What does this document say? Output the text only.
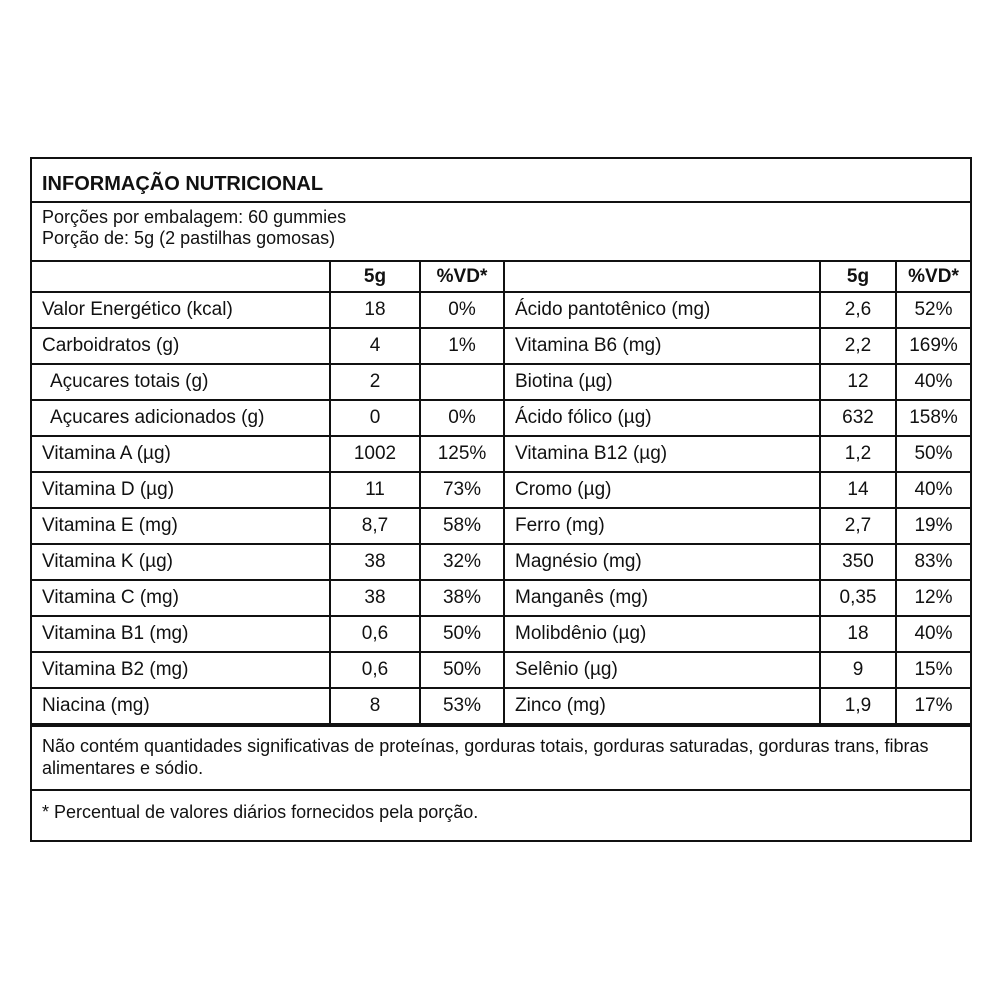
INFORMAÇÃO NUTRICIONAL
Porções por embalagem: 60 gummies
Porção de: 5g (2 pastilhas gomosas)
	5g	%VD*		5g	%VD*
Valor Energético (kcal)	18	0%	Ácido pantotênico (mg)	2,6	52%
Carboidratos (g)	4	1%	Vitamina B6 (mg)	2,2	169%
Açucares totais (g)	2		Biotina (µg)	12	40%
Açucares adicionados (g)	0	0%	Ácido fólico (µg)	632	158%
Vitamina A (µg)	1002	125%	Vitamina B12 (µg)	1,2	50%
Vitamina D (µg)	11	73%	Cromo (µg)	14	40%
Vitamina E (mg)	8,7	58%	Ferro (mg)	2,7	19%
Vitamina K (µg)	38	32%	Magnésio (mg)	350	83%
Vitamina C (mg)	38	38%	Manganês (mg)	0,35	12%
Vitamina B1 (mg)	0,6	50%	Molibdênio (µg)	18	40%
Vitamina B2 (mg)	0,6	50%	Selênio (µg)	9	15%
Niacina (mg)	8	53%	Zinco (mg)	1,9	17%
Não contém quantidades significativas de proteínas, gorduras totais, gorduras saturadas, gorduras trans, fibras alimentares e sódio.
* Percentual de valores diários fornecidos pela porção.
